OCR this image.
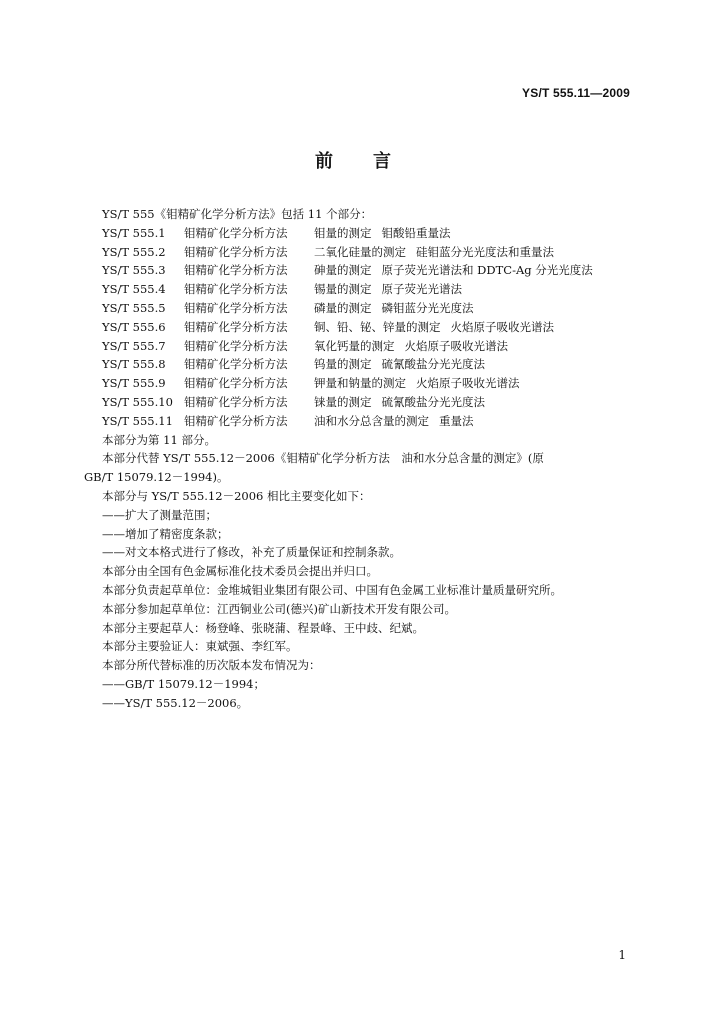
YS/T 555.11—2009
前 言
YS/T 555《钼精矿化学分析方法》包括 11 个部分：
YS/T 555.1 钼精矿化学分析方法 钼量的测定 钼酸铅重量法
YS/T 555.2 钼精矿化学分析方法 二氧化硅量的测定 硅钼蓝分光光度法和重量法
YS/T 555.3 钼精矿化学分析方法 砷量的测定 原子荧光光谱法和 DDTC-Ag 分光光度法
YS/T 555.4 钼精矿化学分析方法 锡量的测定 原子荧光光谱法
YS/T 555.5 钼精矿化学分析方法 磷量的测定 磷钼蓝分光光度法
YS/T 555.6 钼精矿化学分析方法 铜、铅、铋、锌量的测定 火焰原子吸收光谱法
YS/T 555.7 钼精矿化学分析方法 氧化钙量的测定 火焰原子吸收光谱法
YS/T 555.8 钼精矿化学分析方法 钨量的测定 硫氰酸盐分光光度法
YS/T 555.9 钼精矿化学分析方法 钾量和钠量的测定 火焰原子吸收光谱法
YS/T 555.10 钼精矿化学分析方法 铼量的测定 硫氰酸盐分光光度法
YS/T 555.11 钼精矿化学分析方法 油和水分总含量的测定 重量法
本部分为第 11 部分。
本部分代替 YS/T 555.12－2006《钼精矿化学分析方法　油和水分总含量的测定》(原
GB/T 15079.12－1994)。
本部分与 YS/T 555.12－2006 相比主要变化如下：
——扩大了测量范围；
——增加了精密度条款；
——对文本格式进行了修改，补充了质量保证和控制条款。
本部分由全国有色金属标准化技术委员会提出并归口。
本部分负责起草单位：金堆城钼业集团有限公司、中国有色金属工业标准计量质量研究所。
本部分参加起草单位：江西铜业公司(德兴)矿山新技术开发有限公司。
本部分主要起草人：杨登峰、张晓蒲、程景峰、王中歧、纪斌。
本部分主要验证人：東斌强、李红军。
本部分所代替标准的历次版本发布情况为：
——GB/T 15079.12－1994；
——YS/T 555.12－2006。
1
